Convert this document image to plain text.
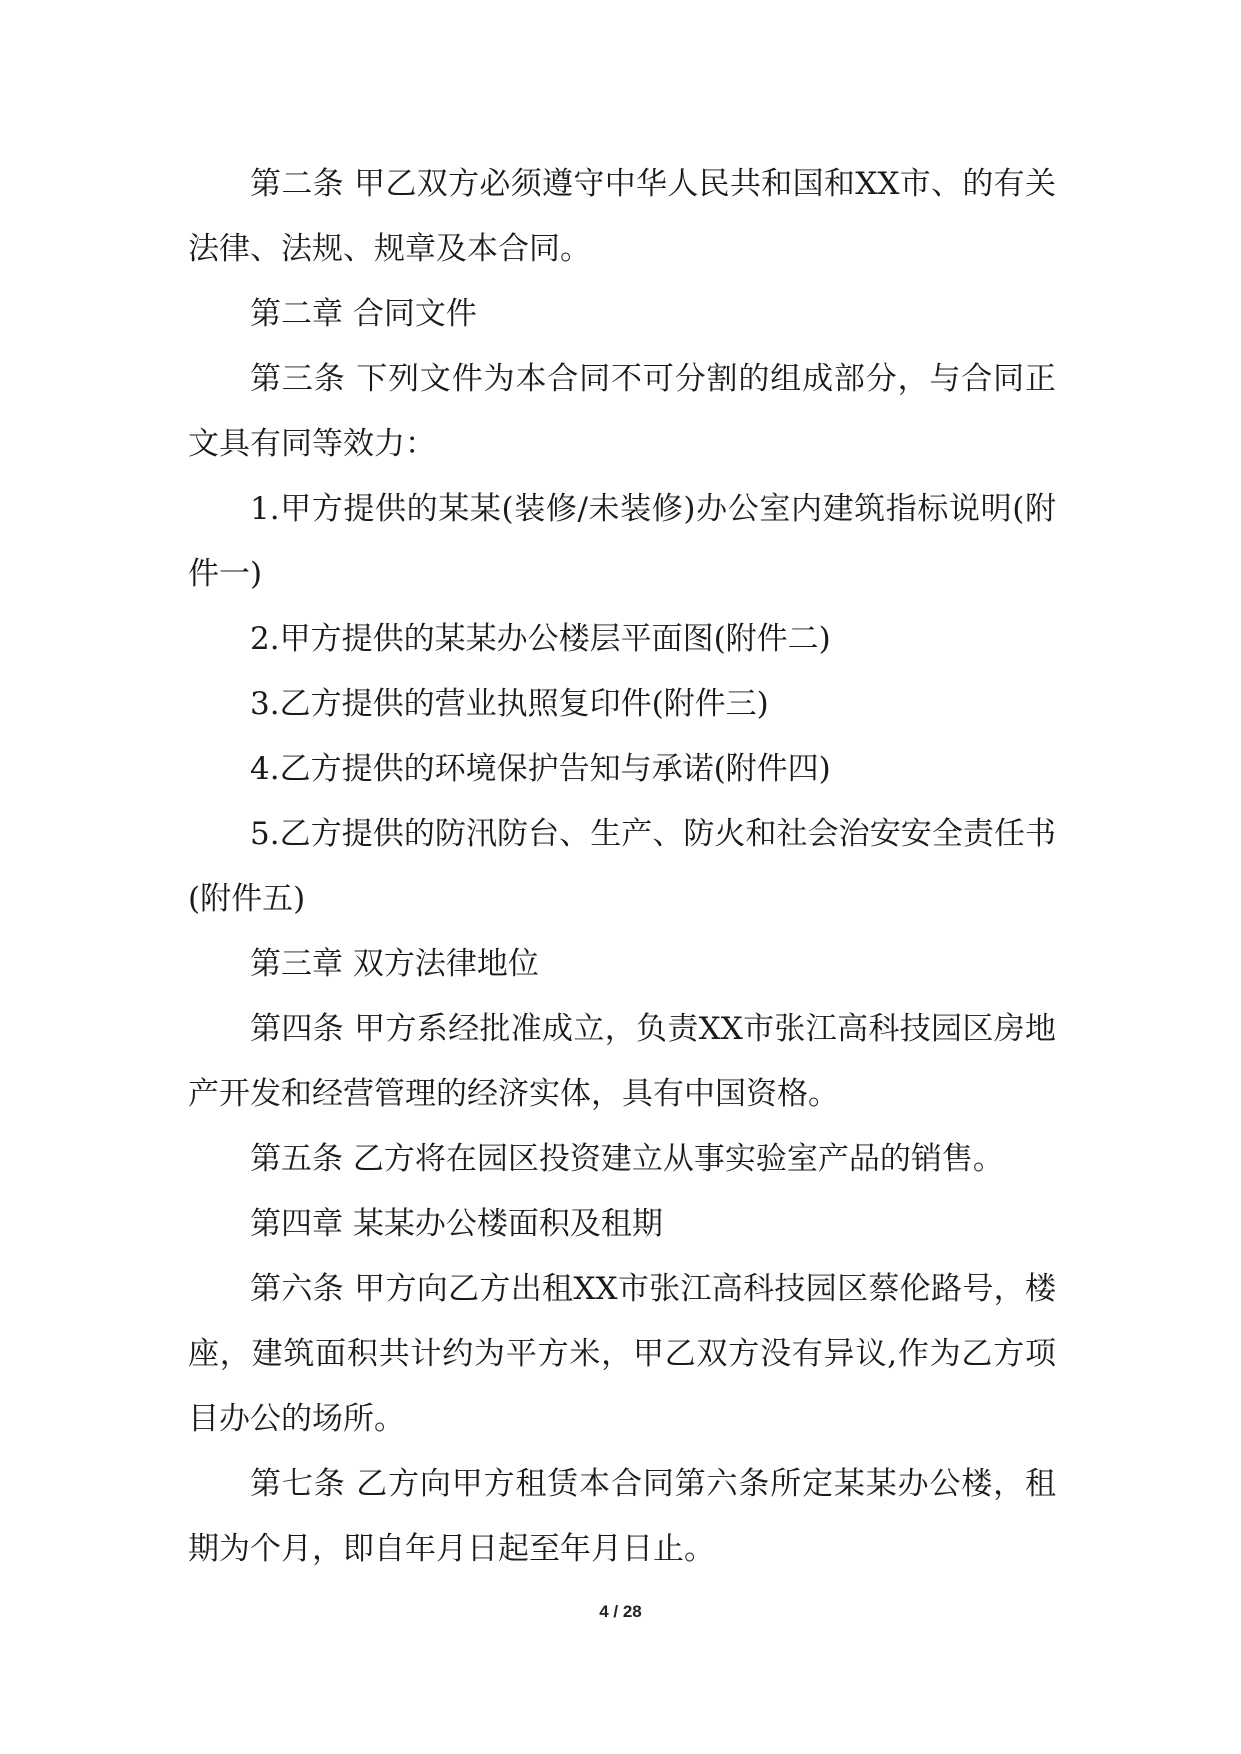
第二条 甲乙双方必须遵守中华人民共和国和XX市、的有关法律、法规、规章及本合同。

第二章 合同文件

第三条 下列文件为本合同不可分割的组成部分，与合同正文具有同等效力：

1.甲方提供的某某(装修/未装修)办公室内建筑指标说明(附件一)

2.甲方提供的某某办公楼层平面图(附件二)

3.乙方提供的营业执照复印件(附件三)

4.乙方提供的环境保护告知与承诺(附件四)

5.乙方提供的防汛防台、生产、防火和社会治安安全责任书(附件五)

第三章 双方法律地位

第四条 甲方系经批准成立，负责XX市张江高科技园区房地产开发和经营管理的经济实体，具有中国资格。

第五条 乙方将在园区投资建立从事实验室产品的销售。

第四章 某某办公楼面积及租期

第六条 甲方向乙方出租XX市张江高科技园区蔡伦路号，楼座，建筑面积共计约为平方米，甲乙双方没有异议,作为乙方项目办公的场所。

第七条 乙方向甲方租赁本合同第六条所定某某办公楼，租期为个月，即自年月日起至年月日止。

4 / 28
